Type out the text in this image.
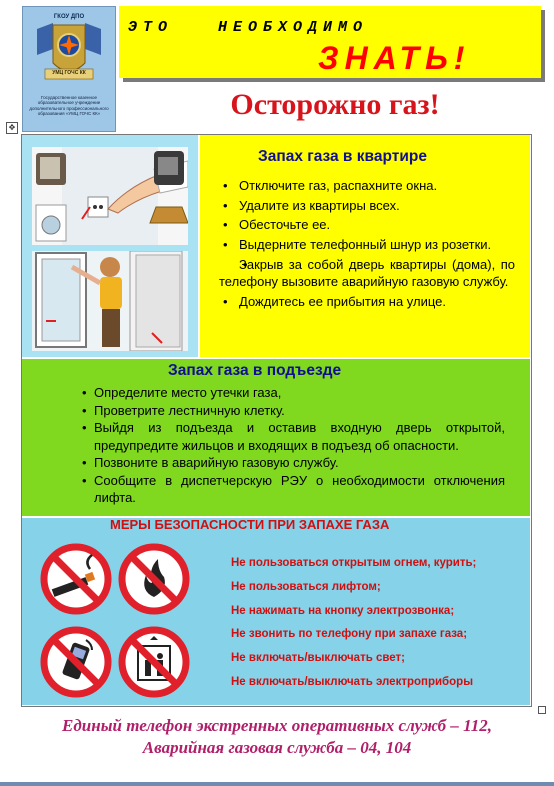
ГКОУ ДПО
УМЦ ГОЧС КК
Государственное казенное образовательное учреждение дополнительного профессионального образования «УМЦ ГОЧС КК»
ЭТО   НЕОБХОДИМО
ЗНАТЬ!
Осторожно газ!
✥
Запах газа в квартире
• Отключите газ, распахните окна.
• Удалите из квартиры всех.
• Обесточьте ее.
• Выдерните телефонный шнур из розетки.
• Закрыв за собой дверь квартиры (дома), по телефону вызовите аварийную газовую службу.
• Дождитесь ее прибытия на улице.
Запах газа в подъезде
• Определите место утечки газа,
• Проветрите лестничную клетку.
• Выйдя из подъезда и оставив входную дверь открытой, предупредите жильцов и входящих в подъезд об опасности.
• Позвоните в аварийную газовую службу.
• Сообщите в диспетчерскую РЭУ о необходимости отключения лифта.
МЕРЫ БЕЗОПАСНОСТИ ПРИ ЗАПАХЕ ГАЗА
Не пользоваться открытым огнем, курить;
Не пользоваться лифтом;
Не нажимать на кнопку электрозвонка;
Не звонить по телефону при запахе газа;
Не включать/выключать свет;
Не включать/выключать электроприборы
Единый телефон экстренных оперативных служб – 112,
Аварийная газовая служба – 04, 104
